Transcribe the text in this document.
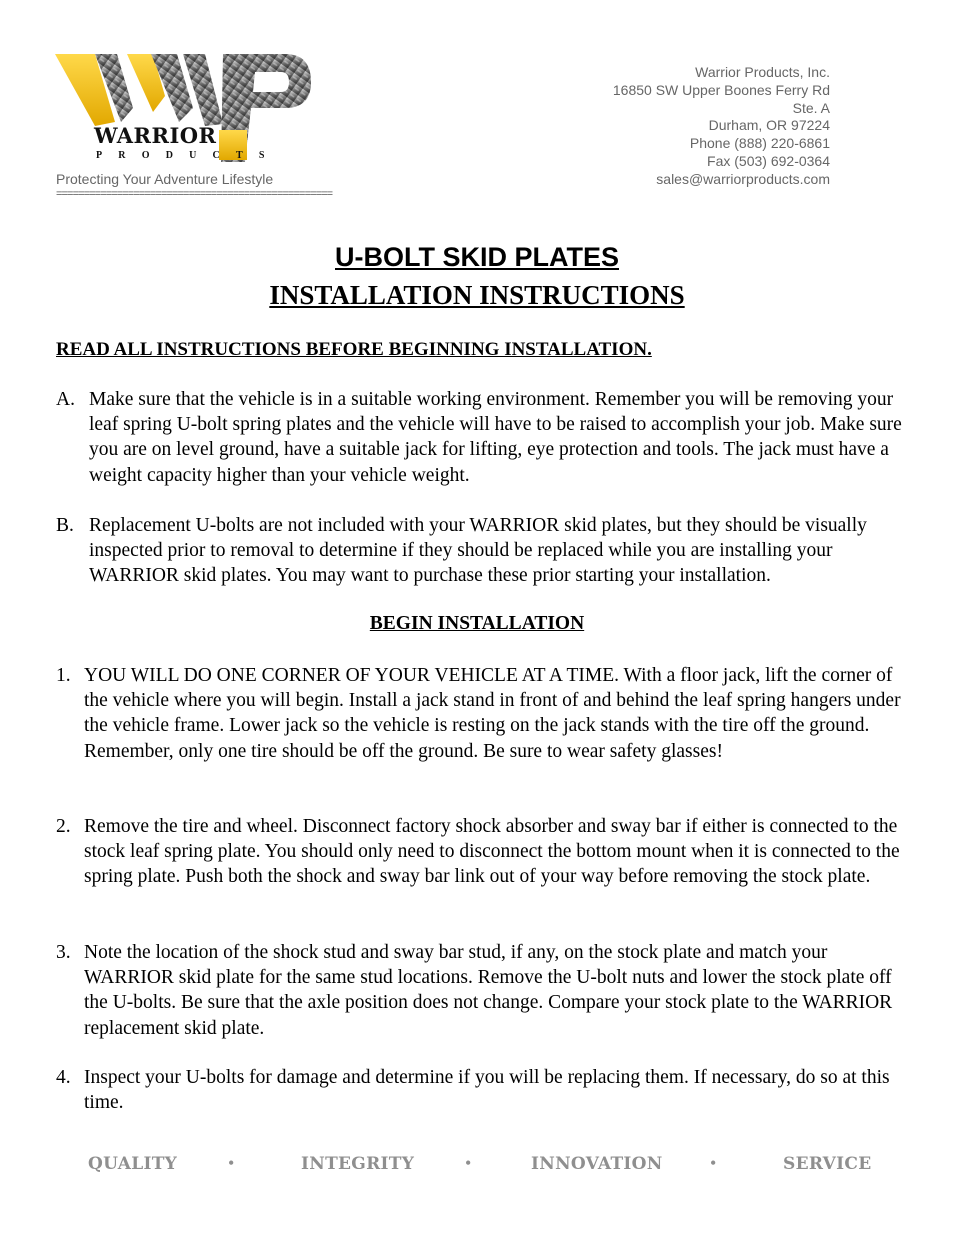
WARRIOR
PRODUCTS
Protecting Your Adventure Lifestyle
==================================================
Warrior Products, Inc.
16850 SW Upper Boones Ferry Rd
Ste. A
Durham, OR 97224
Phone (888) 220-6861
Fax (503) 692-0364
sales@warriorproducts.com
U-BOLT SKID PLATES
INSTALLATION INSTRUCTIONS
READ ALL INSTRUCTIONS BEFORE BEGINNING INSTALLATION.
A. Make sure that the vehicle is in a suitable working environment. Remember you will be removing your leaf spring U-bolt spring plates and the vehicle will have to be raised to accomplish your job. Make sure you are on level ground, have a suitable jack for lifting, eye protection and tools. The jack must have a weight capacity higher than your vehicle weight.
B. Replacement U-bolts are not included with your WARRIOR skid plates, but they should be visually inspected prior to removal to determine if they should be replaced while you are installing your WARRIOR skid plates. You may want to purchase these prior starting your installation.
BEGIN INSTALLATION
1. YOU WILL DO ONE CORNER OF YOUR VEHICLE AT A TIME. With a floor jack, lift the corner of the vehicle where you will begin. Install a jack stand in front of and behind the leaf spring hangers under the vehicle frame. Lower jack so the vehicle is resting on the jack stands with the tire off the ground. Remember, only one tire should be off the ground. Be sure to wear safety glasses!
2. Remove the tire and wheel. Disconnect factory shock absorber and sway bar if either is connected to the stock leaf spring plate. You should only need to disconnect the bottom mount when it is connected to the spring plate. Push both the shock and sway bar link out of your way before removing the stock plate.
3. Note the location of the shock stud and sway bar stud, if any, on the stock plate and match your WARRIOR skid plate for the same stud locations. Remove the U-bolt nuts and lower the stock plate off the U-bolts. Be sure that the axle position does not change. Compare your stock plate to the WARRIOR replacement skid plate.
4. Inspect your U-bolts for damage and determine if you will be replacing them. If necessary, do so at this time.
QUALITY	•	INTEGRITY	•	INNOVATION	•	SERVICE
